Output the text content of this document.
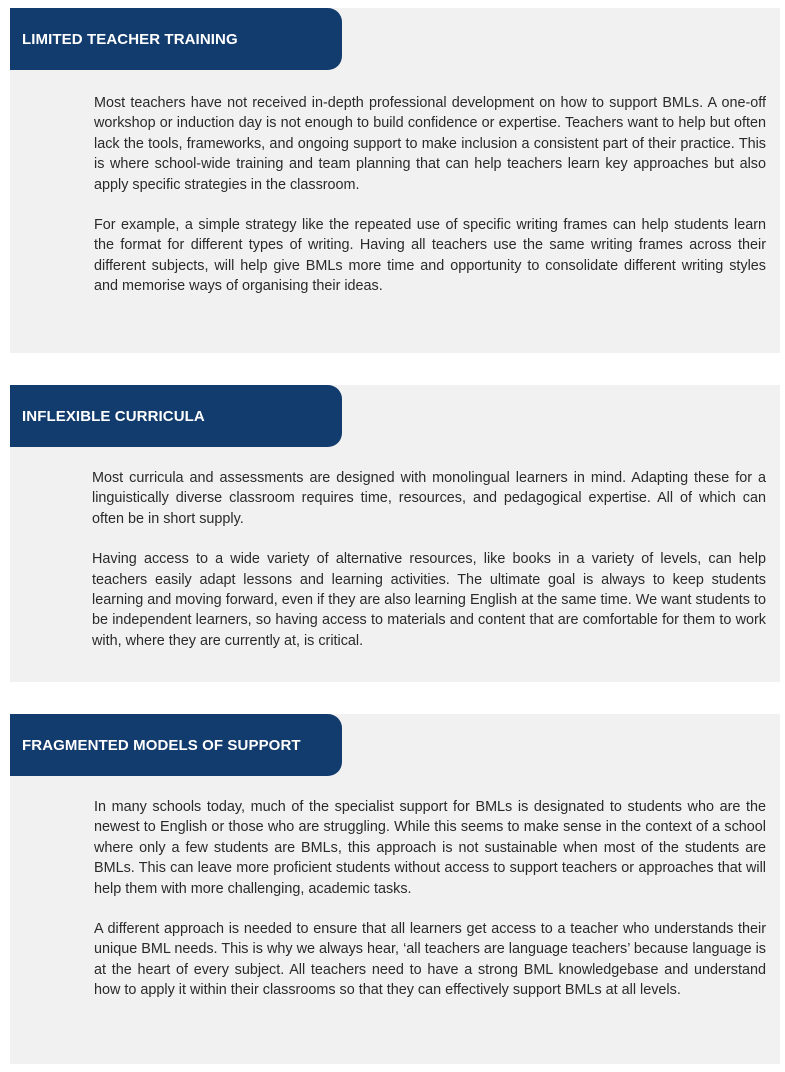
LIMITED TEACHER TRAINING

Most teachers have not received in-depth professional development on how to support BMLs. A one-off workshop or induction day is not enough to build confidence or expertise. Teachers want to help but often lack the tools, frameworks, and ongoing support to make inclusion a consistent part of their practice. This is where school-wide training and team planning that can help teachers learn key approaches but also apply specific strategies in the classroom.

For example, a simple strategy like the repeated use of specific writing frames can help students learn the format for different types of writing. Having all teachers use the same writing frames across their different subjects, will help give BMLs more time and opportunity to consolidate different writing styles and memorise ways of organising their ideas.

INFLEXIBLE CURRICULA

Most curricula and assessments are designed with monolingual learners in mind. Adapting these for a linguistically diverse classroom requires time, resources, and pedagogical expertise. All of which can often be in short supply.

Having access to a wide variety of alternative resources, like books in a variety of levels, can help teachers easily adapt lessons and learning activities. The ultimate goal is always to keep students learning and moving forward, even if they are also learning English at the same time. We want students to be independent learners, so having access to materials and content that are comfortable for them to work with, where they are currently at, is critical.

FRAGMENTED MODELS OF SUPPORT

In many schools today, much of the specialist support for BMLs is designated to students who are the newest to English or those who are struggling. While this seems to make sense in the context of a school where only a few students are BMLs, this approach is not sustainable when most of the students are BMLs. This can leave more proficient students without access to support teachers or approaches that will help them with more challenging, academic tasks.

A different approach is needed to ensure that all learners get access to a teacher who understands their unique BML needs. This is why we always hear, ‘all teachers are language teachers’ because language is at the heart of every subject. All teachers need to have a strong BML knowledgebase and understand how to apply it within their classrooms so that they can effectively support BMLs at all levels.
